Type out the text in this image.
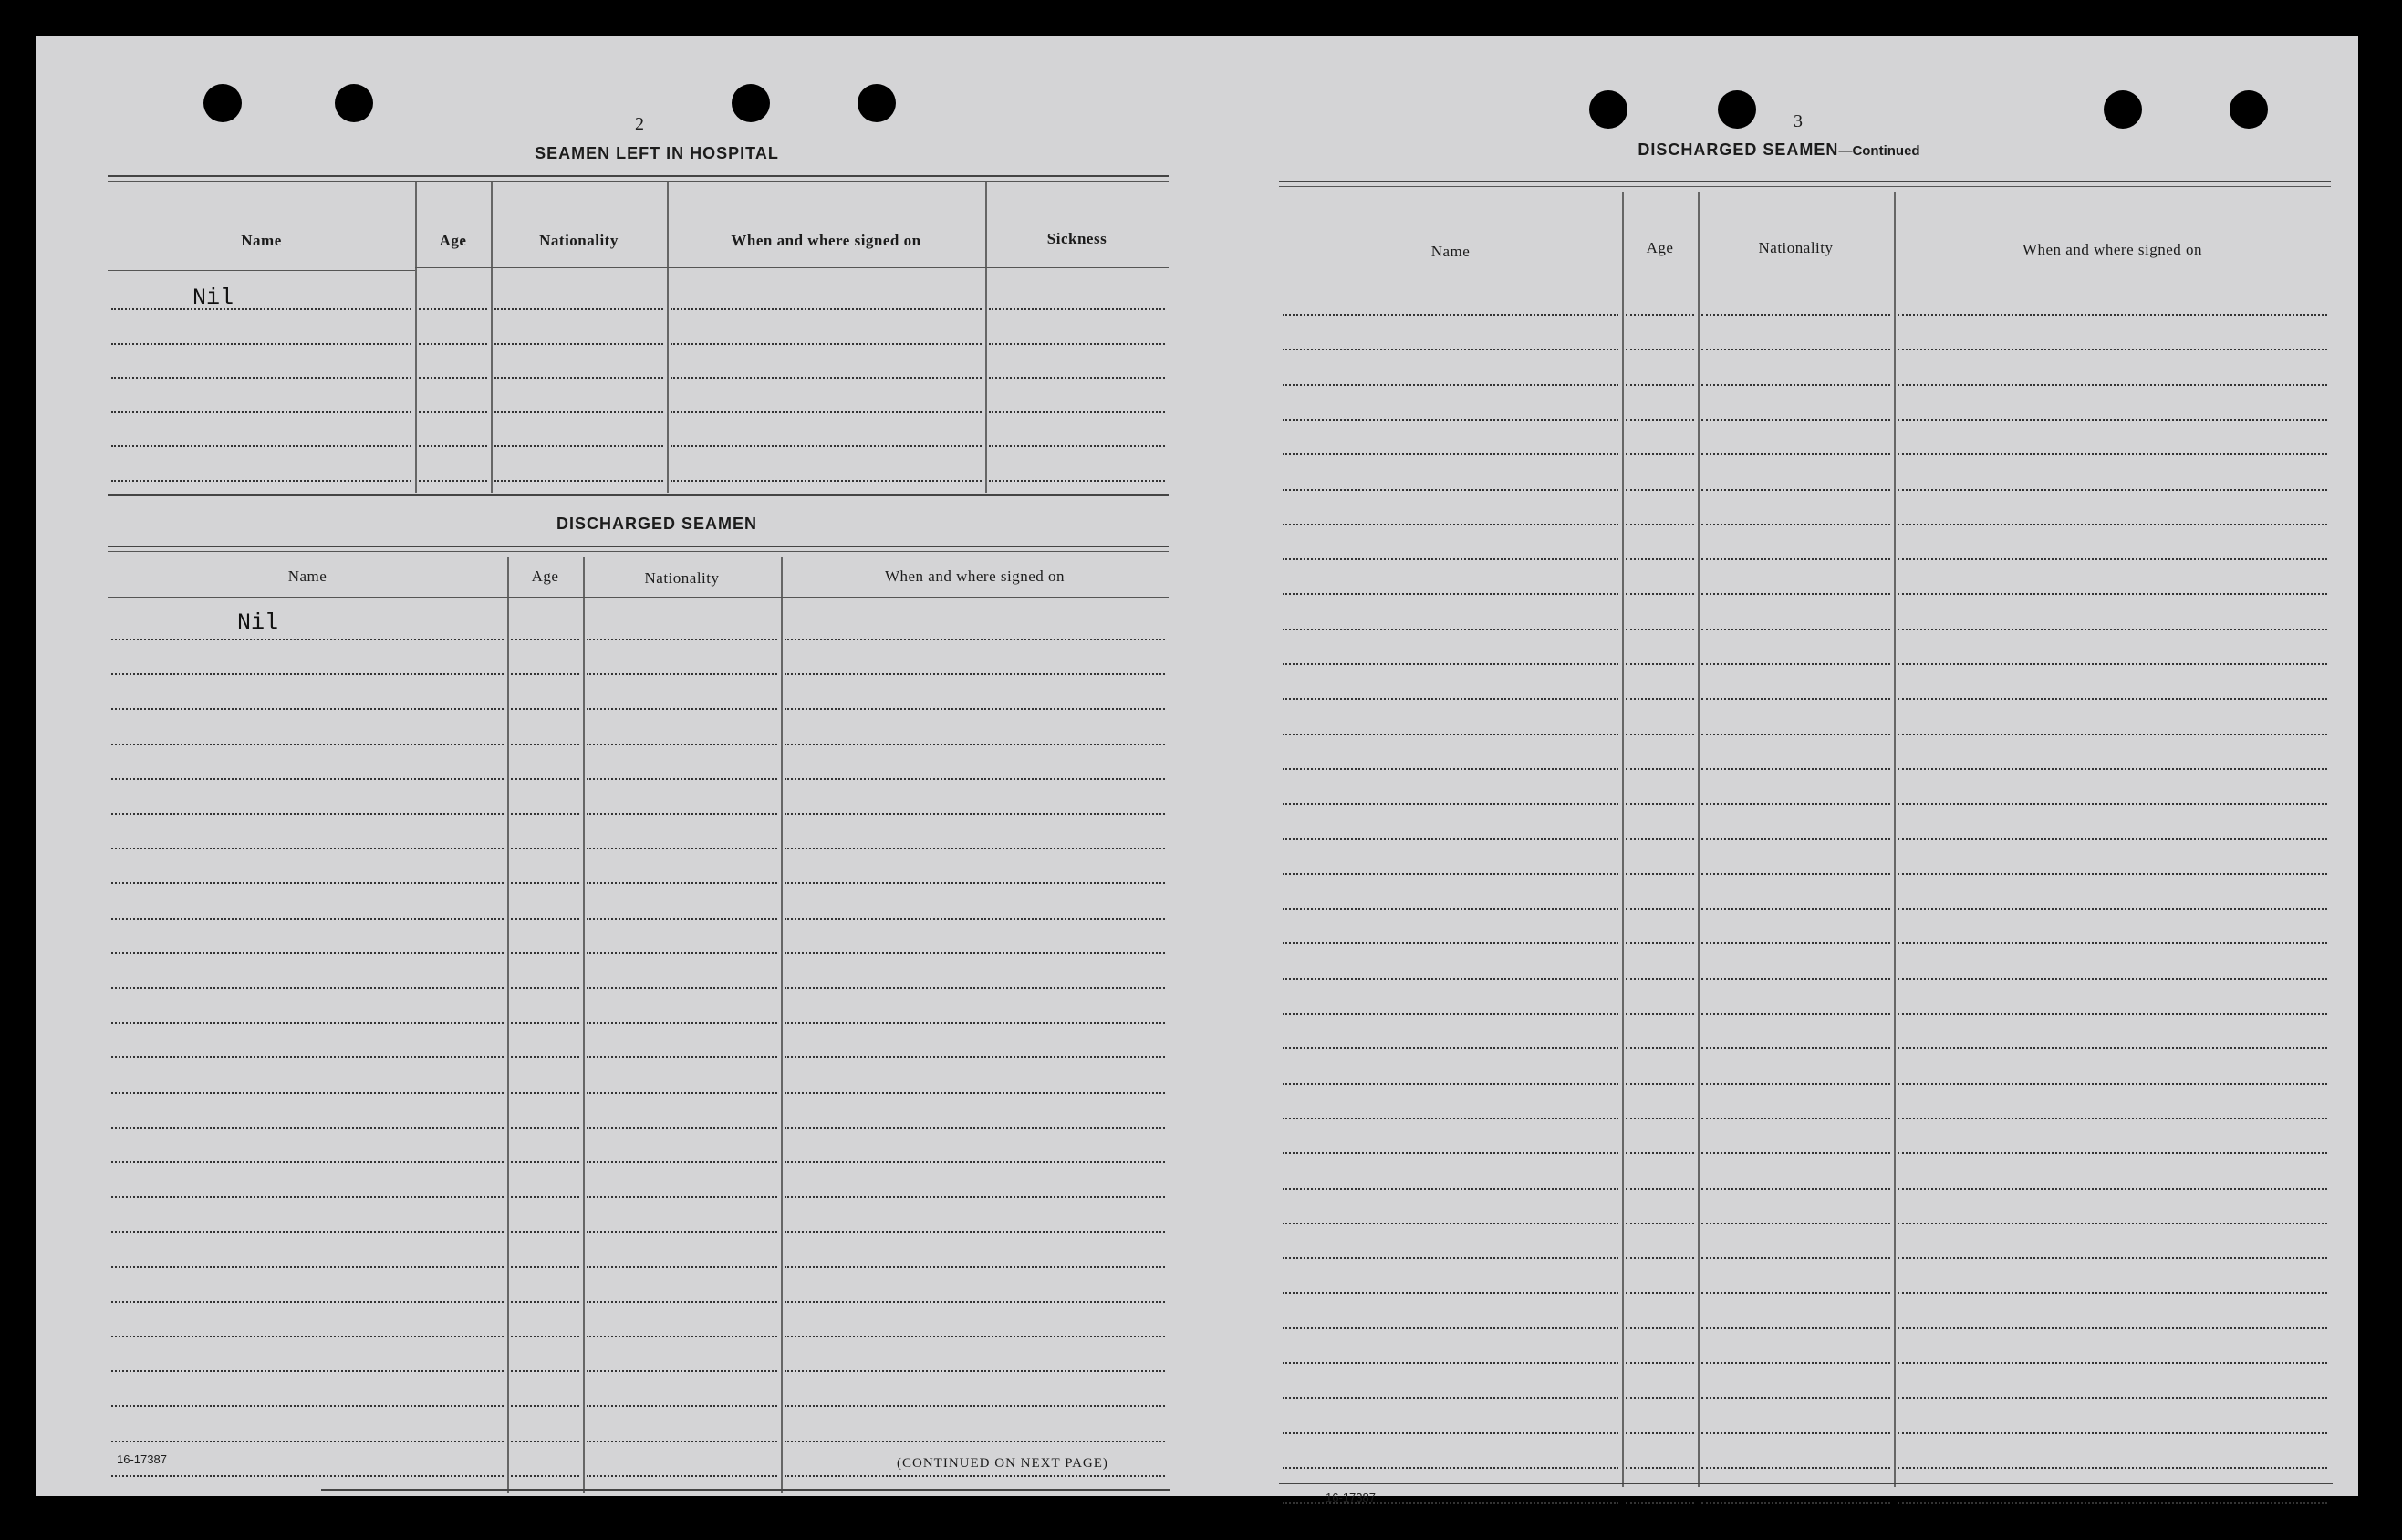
2
SEAMEN LEFT IN HOSPITAL
Name	Age	Nationality	When and where signed on	Sickness
Nil
DISCHARGED SEAMEN
Name	Age	Nationality	When and where signed on
Nil
16-17387	(CONTINUED ON NEXT PAGE)
3
DISCHARGED SEAMEN—Continued
Name	Age	Nationality	When and where signed on
16-17387
